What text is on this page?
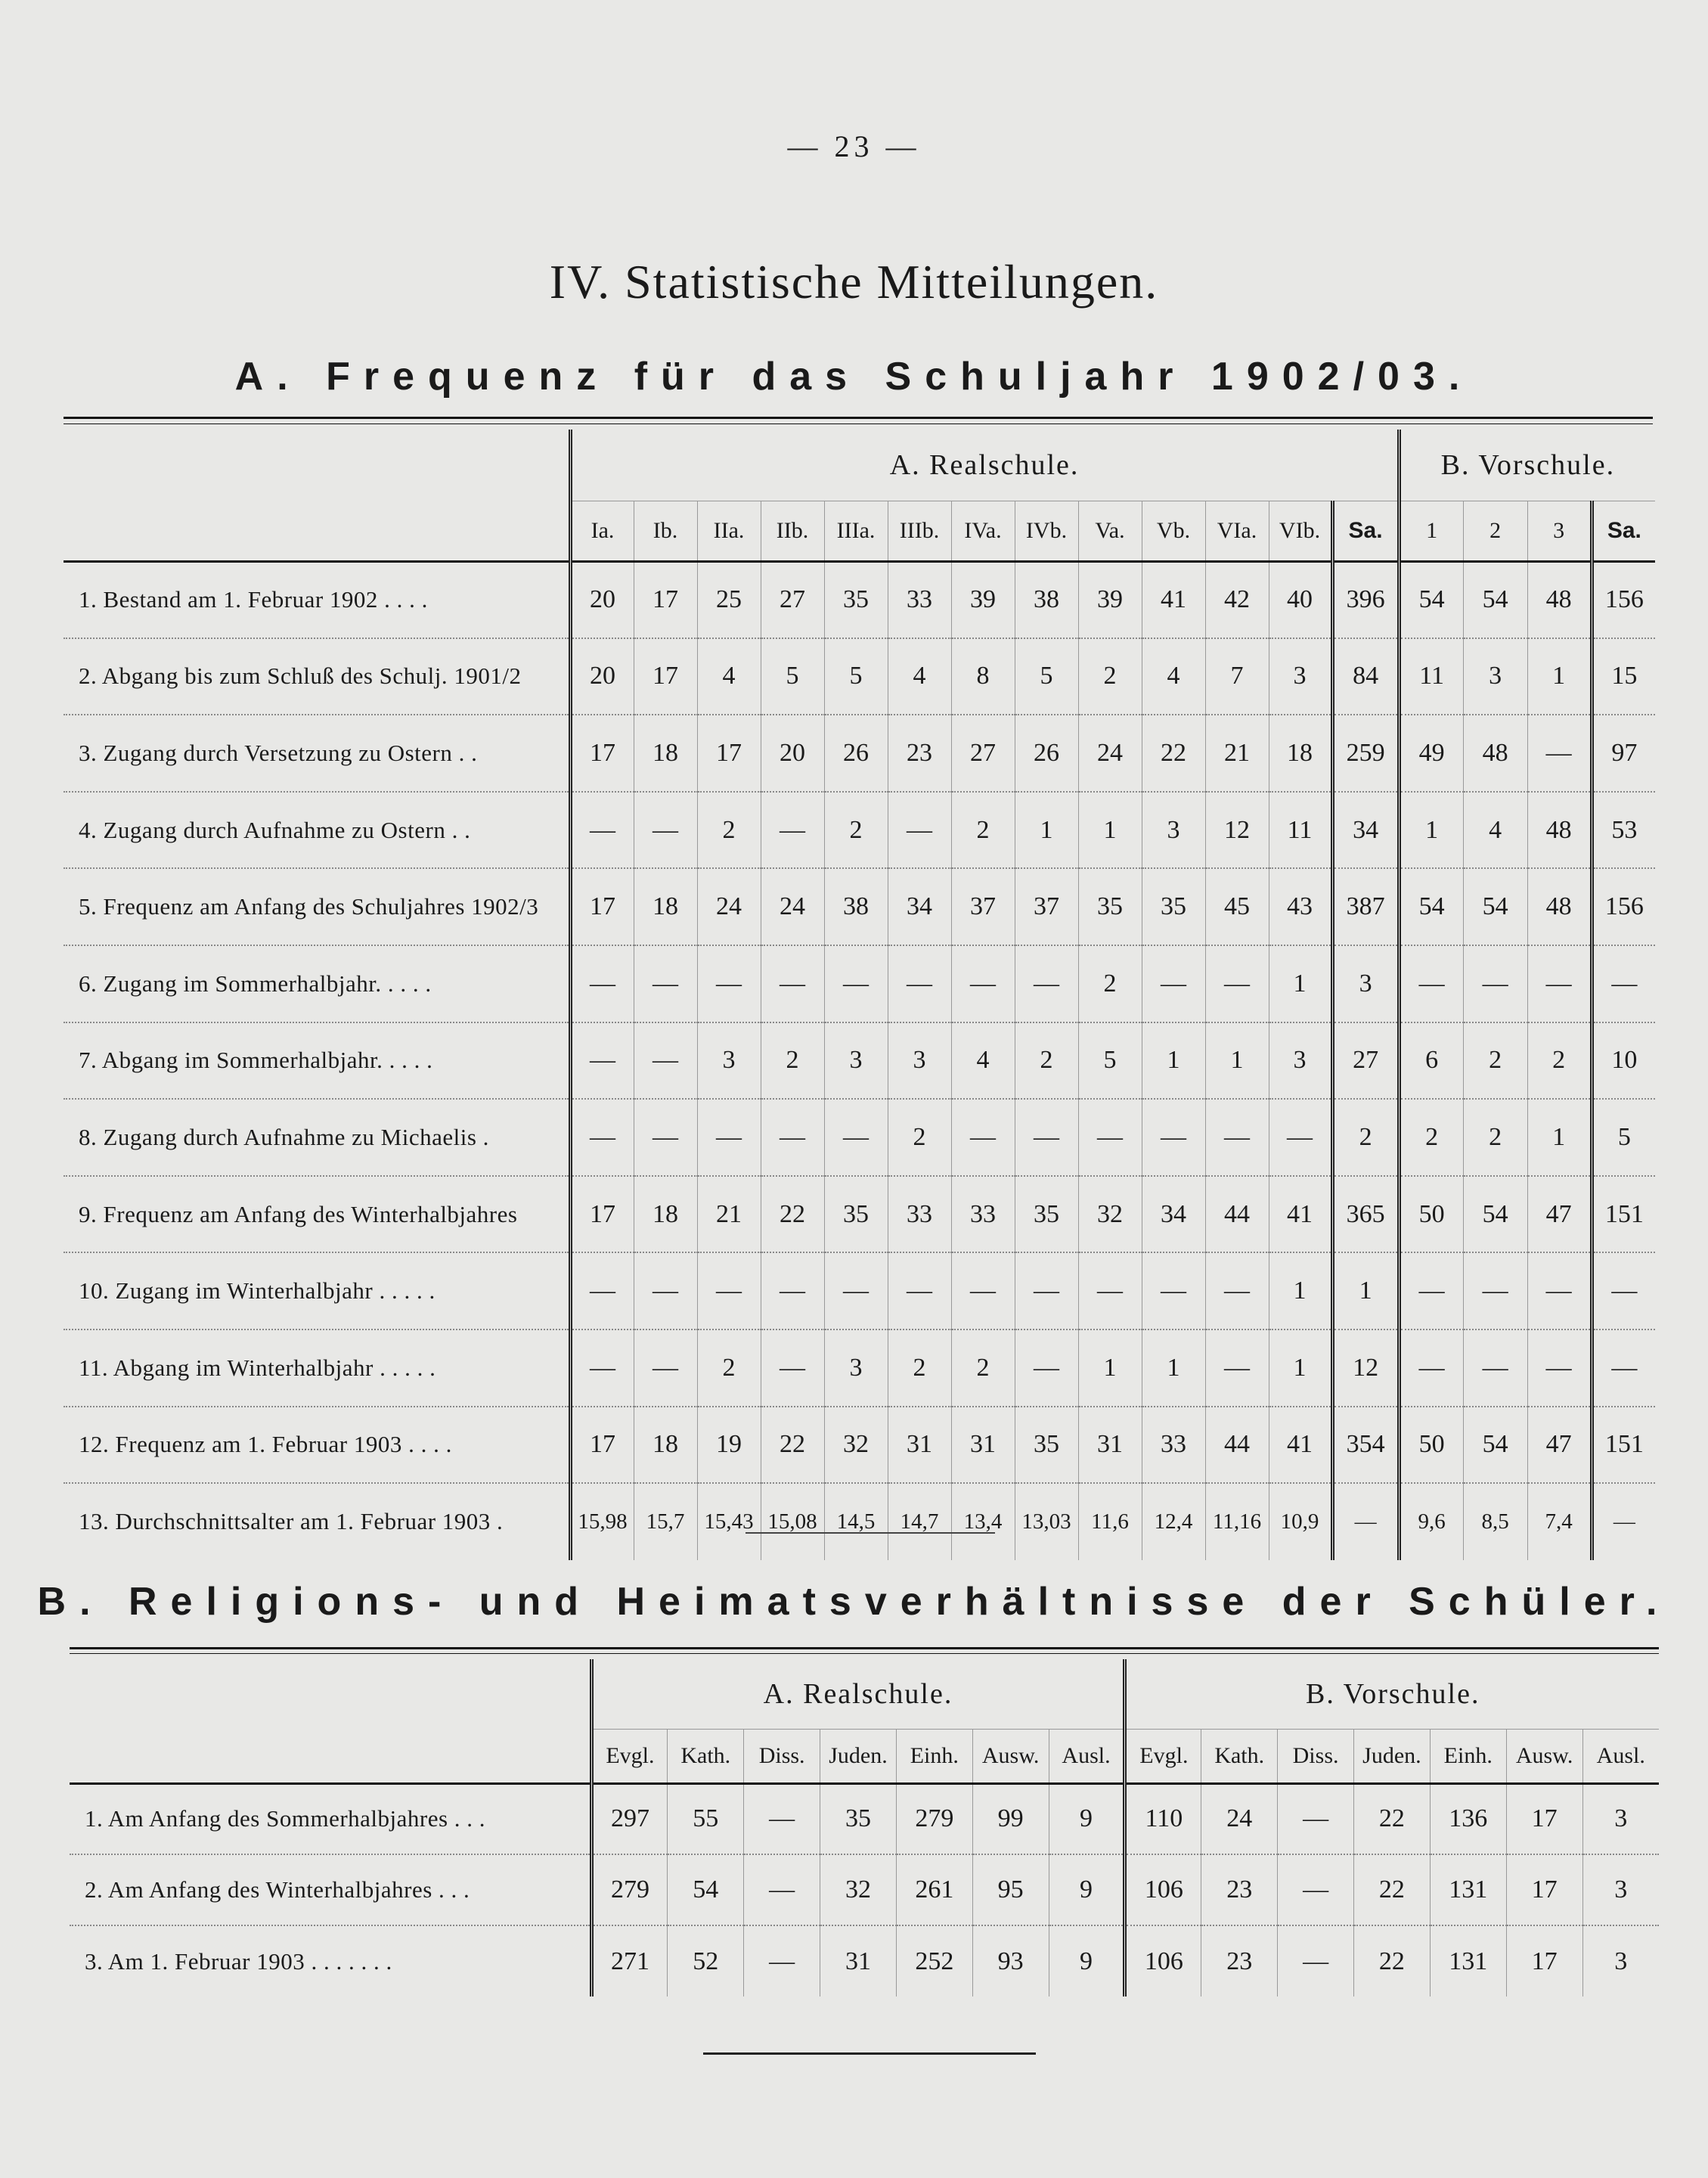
— 23 —
IV. Statistische Mitteilungen.
A. Frequenz für das Schuljahr 1902/03.
	A. Realschule.													B. Vorschule.			
	Ia.	Ib.	IIa.	IIb.	IIIa.	IIIb.	IVa.	IVb.	Va.	Vb.	VIa.	VIb.	Sa.	1	2	3	Sa.
1. Bestand am 1. Februar 1902 . . . .	20	17	25	27	35	33	39	38	39	41	42	40	396	54	54	48	156
2. Abgang bis zum Schluß des Schulj. 1901/2	20	17	4	5	5	4	8	5	2	4	7	3	84	11	3	1	15
3. Zugang durch Versetzung zu Ostern . .	17	18	17	20	26	23	27	26	24	22	21	18	259	49	48	—	97
4. Zugang durch Aufnahme zu Ostern . .	—	—	2	—	2	—	2	1	1	3	12	11	34	1	4	48	53
5. Frequenz am Anfang des Schuljahres 1902/3	17	18	24	24	38	34	37	37	35	35	45	43	387	54	54	48	156
6. Zugang im Sommerhalbjahr. . . . .	—	—	—	—	—	—	—	—	2	—	—	1	3	—	—	—	—
7. Abgang im Sommerhalbjahr. . . . .	—	—	3	2	3	3	4	2	5	1	1	3	27	6	2	2	10
8. Zugang durch Aufnahme zu Michaelis .	—	—	—	—	—	2	—	—	—	—	—	—	2	2	2	1	5
9. Frequenz am Anfang des Winterhalbjahres	17	18	21	22	35	33	33	35	32	34	44	41	365	50	54	47	151
10. Zugang im Winterhalbjahr . . . . .	—	—	—	—	—	—	—	—	—	—	—	1	1	—	—	—	—
11. Abgang im Winterhalbjahr . . . . .	—	—	2	—	3	2	2	—	1	1	—	1	12	—	—	—	—
12. Frequenz am 1. Februar 1903 . . . .	17	18	19	22	32	31	31	35	31	33	44	41	354	50	54	47	151
13. Durchschnittsalter am 1. Februar 1903 .	15,98	15,7	15,43	15,08	14,5	14,7	13,4	13,03	11,6	12,4	11,16	10,9	—	9,6	8,5	7,4	—
B. Religions- und Heimatsverhältnisse der Schüler.
	A. Realschule.							B. Vorschule.						
	Evgl.	Kath.	Diss.	Juden.	Einh.	Ausw.	Ausl.	Evgl.	Kath.	Diss.	Juden.	Einh.	Ausw.	Ausl.
1. Am Anfang des Sommerhalbjahres . . .	297	55	—	35	279	99	9	110	24	—	22	136	17	3
2. Am Anfang des Winterhalbjahres . . .	279	54	—	32	261	95	9	106	23	—	22	131	17	3
3. Am 1. Februar 1903 . . . . . . .	271	52	—	31	252	93	9	106	23	—	22	131	17	3
